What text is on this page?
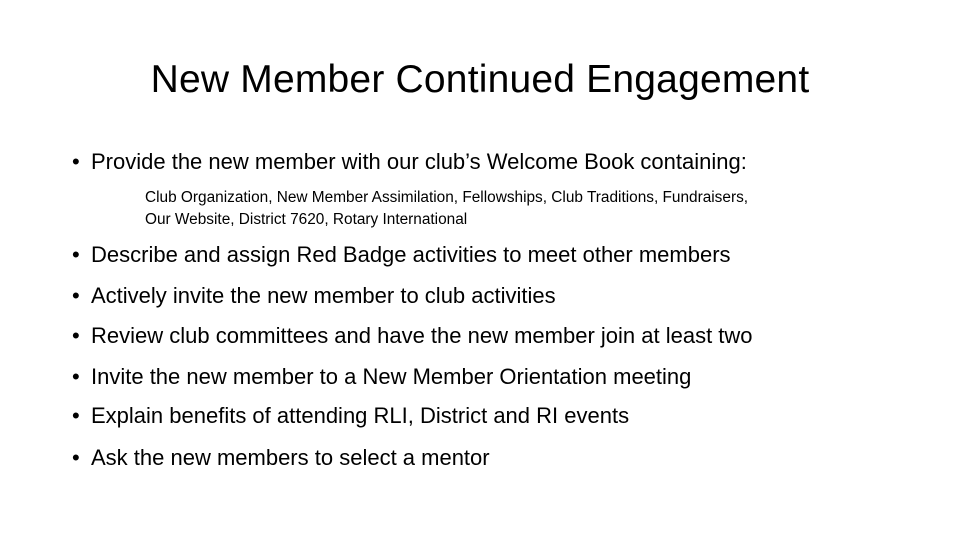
New Member Continued Engagement
• Provide the new member with our club’s Welcome Book containing:
Club Organization, New Member Assimilation, Fellowships, Club Traditions, Fundraisers,
Our Website, District 7620, Rotary International
• Describe and assign Red Badge activities to meet other members
• Actively invite the new member to club activities
• Review club committees and have the new member join at least two
• Invite the new member to a New Member Orientation meeting
• Explain benefits of attending RLI, District and RI events
• Ask the new members to select a mentor
